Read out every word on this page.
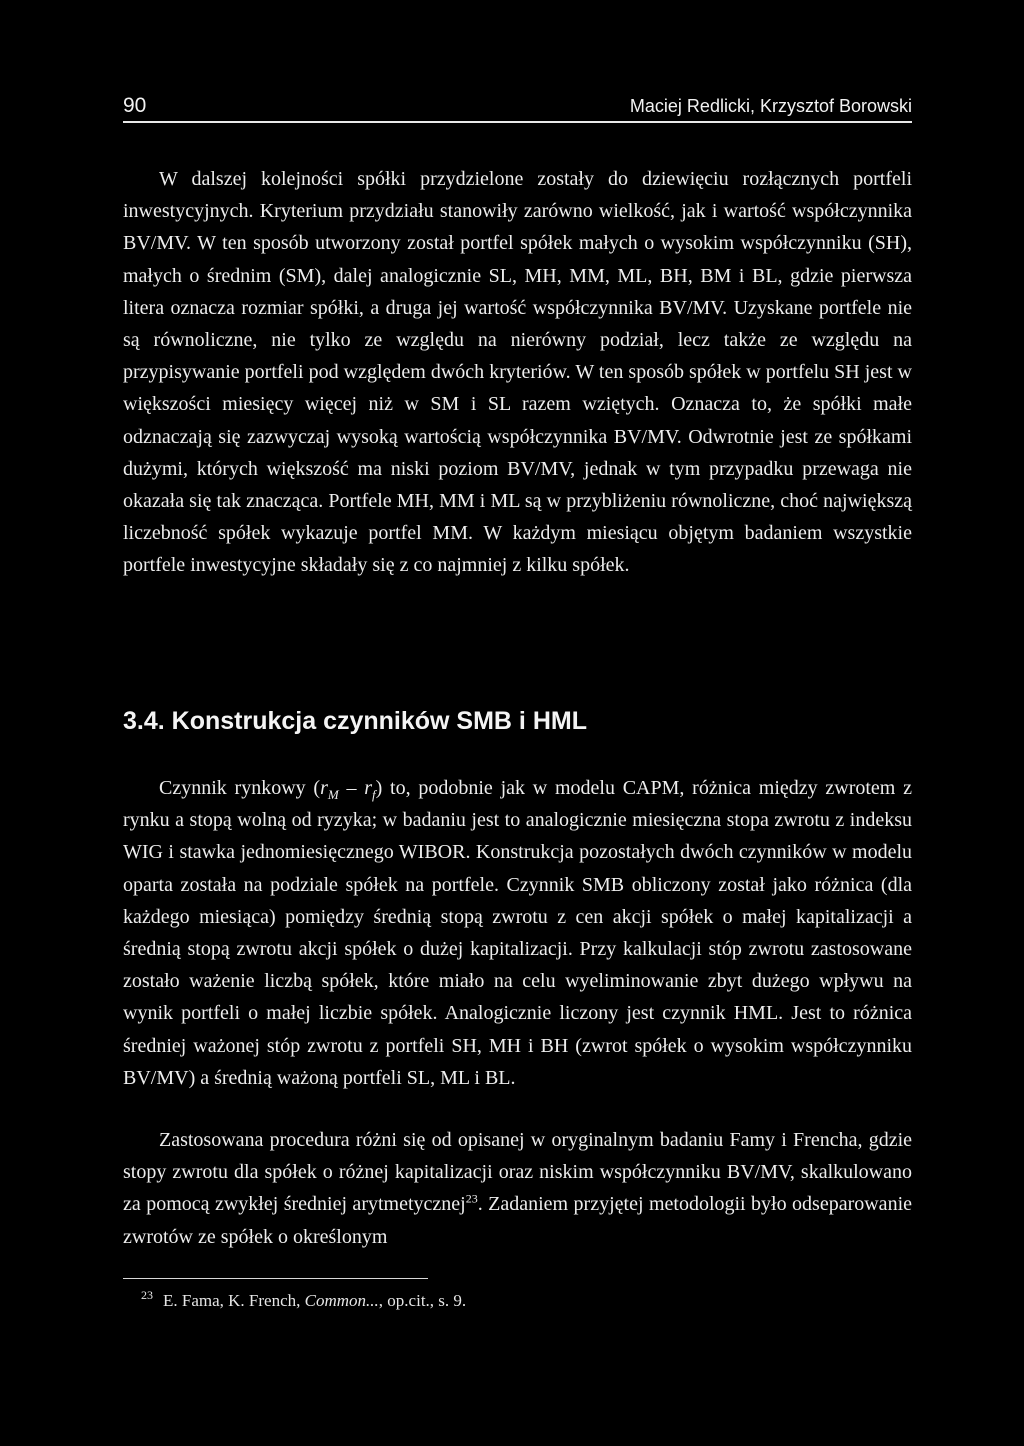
90	Maciej Redlicki, Krzysztof Borowski

W dalszej kolejności spółki przydzielone zostały do dziewięciu rozłącznych portfeli inwestycyjnych. Kryterium przydziału stanowiły zarówno wielkość, jak i wartość współczynnika BV/MV. W ten sposób utworzony został portfel spółek małych o wysokim współczynniku (SH), małych o średnim (SM), dalej analogicznie SL, MH, MM, ML, BH, BM i BL, gdzie pierwsza litera oznacza rozmiar spółki, a druga jej wartość współczynnika BV/MV. Uzyskane portfele nie są równoliczne, nie tylko ze względu na nierówny podział, lecz także ze względu na przypisywanie portfeli pod względem dwóch kryteriów. W ten sposób spółek w portfelu SH jest w większości miesięcy więcej niż w SM i SL razem wziętych. Oznacza to, że spółki małe odznaczają się zazwyczaj wysoką wartością współczynnika BV/MV. Odwrotnie jest ze spółkami dużymi, których większość ma niski poziom BV/MV, jednak w tym przypadku przewaga nie okazała się tak znacząca. Portfele MH, MM i ML są w przybliżeniu równoliczne, choć największą liczebność spółek wykazuje portfel MM. W każdym miesiącu objętym badaniem wszystkie portfele inwestycyjne składały się z co najmniej z kilku spółek.

3.4. Konstrukcja czynników SMB i HML

Czynnik rynkowy $(r_M - r_f)$ to, podobnie jak w modelu CAPM, różnica między zwrotem z rynku a stopą wolną od ryzyka; w badaniu jest to analogicznie miesięczna stopa zwrotu z indeksu WIG i stawka jednomiesięcznego WIBOR. Konstrukcja pozostałych dwóch czynników w modelu oparta została na podziale spółek na portfele. Czynnik SMB obliczony został jako różnica (dla każdego miesiąca) pomiędzy średnią stopą zwrotu z cen akcji spółek o małej kapitalizacji a średnią stopą zwrotu akcji spółek o dużej kapitalizacji. Przy kalkulacji stóp zwrotu zastosowane zostało ważenie liczbą spółek, które miało na celu wyeliminowanie zbyt dużego wpływu na wynik portfeli o małej liczbie spółek. Analogicznie liczony jest czynnik HML. Jest to różnica średniej ważonej stóp zwrotu z portfeli SH, MH i BH (zwrot spółek o wysokim współczynniku BV/MV) a średnią ważoną portfeli SL, ML i BL.

Zastosowana procedura różni się od opisanej w oryginalnym badaniu Famy i Frencha, gdzie stopy zwrotu dla spółek o różnej kapitalizacji oraz niskim współczynniku BV/MV, skalkulowano za pomocą zwykłej średniej arytmetycznej$^{23}$. Zadaniem przyjętej metodologii było odseparowanie zwrotów ze spółek o określonym

$^{23}$ E. Fama, K. French, Common..., op.cit., s. 9.
